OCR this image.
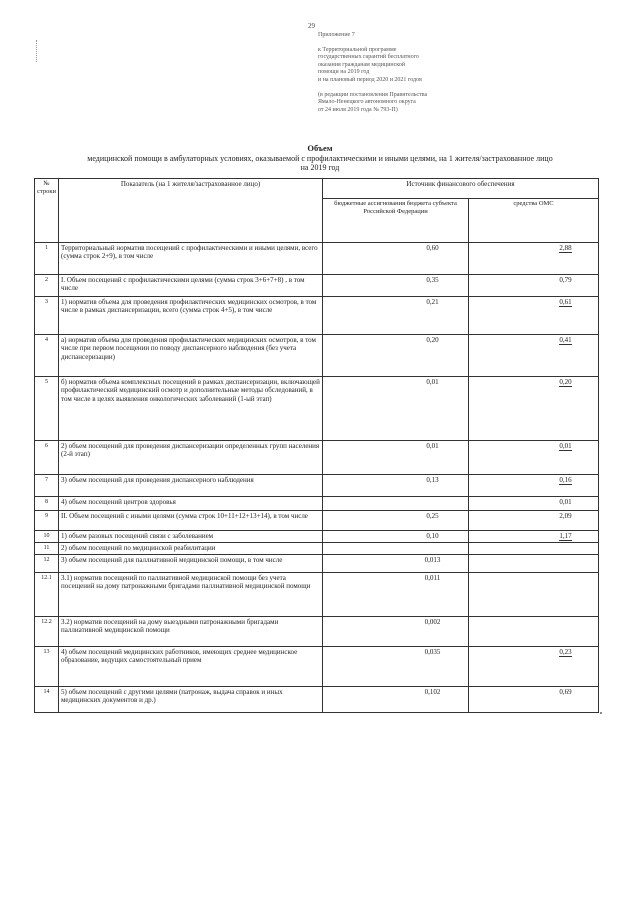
29
Приложение 7
к Территориальной программе
государственных гарантий бесплатного
оказания гражданам медицинской
помощи на 2019 год
и на плановый период 2020 и 2021 годов
(в редакции постановления Правительства
Ямало-Ненецкого автономного округа
от 24 июля 2019 года № 793-П)
Объем
медицинской помощи в амбулаторных условиях, оказываемой с профилактическими и иными целями, на 1 жителя/застрахованное лицо
на 2019 год
№ строки	Показатель (на 1 жителя/застрахованное лицо)	Источник финансового обеспечения	
		бюджетные ассигнования бюджета субъекта Российской Федерации	средства ОМС
1	Территориальный норматив посещений с профилактическими и иными целями, всего (сумма строк 2+9), в том числе	0,60	2,88
2	I. Объем посещений с профилактическими целями (сумма строк 3+6+7+8) , в том числе	0,35	0,79
3	1) норматив объема для проведения профилактических медицинских осмотров, в том числе в рамках диспансеризации, всего (сумма строк 4+5), в том числе	0,21	0,61
4	а) норматив объема для проведения профилактических медицинских осмотров, в том числе при первом посещении по поводу диспансерного наблюдения (без учета диспансеризации)	0,20	0,41
5	б) норматив объема комплексных посещений в рамках диспансеризации, включающей профилактический медицинский осмотр и дополнительные методы обследований, в том числе в целях выявления онкологических заболеваний (1-ый этап)	0,01	0,20
6	2) объем посещений для проведения диспансеризации определенных групп населения (2-й этап)	0,01	0,01
7	3) объем посещений для проведения диспансерного наблюдения	0,13	0,16
8	4) объем посещений центров здоровья		0,01
9	II. Объем посещений с иными целями (сумма строк 10+11+12+13+14), в том числе	0,25	2,09
10	1) объем разовых посещений связи с заболеванием	0,10	1,17
11	2) объем посещений по медицинской реабилитации		
12	3) объем посещений для паллиативной медицинской помощи, в том числе	0,013	
12.1	3.1) норматив посещений по паллиативной медицинской помощи без учета посещений на дому патронажными бригадами паллиативной медицинской помощи	0,011	
12.2	3.2) норматив посещений на дому выездными патронажными бригадами паллиативной медицинской помощи	0,002	
13	4) объем посещений медицинских работников, имеющих среднее медицинское образование, ведущих самостоятельный прием	0,035	0,23
14	5) объем посещений с другими целями (патронаж, выдача справок и иных медицинских документов и др.)	0,102	0,69
